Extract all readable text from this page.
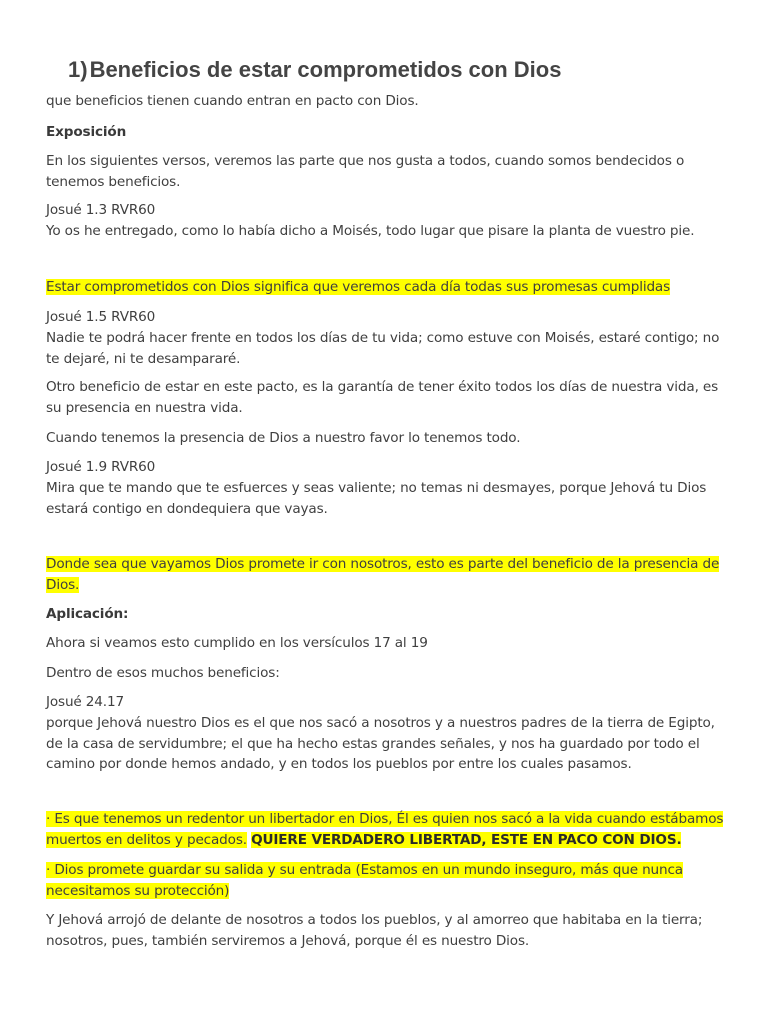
1)Beneficios de estar comprometidos con Dios

que beneficios tienen cuando entran en pacto con Dios.

Exposición

En los siguientes versos, veremos las parte que nos gusta a todos, cuando somos bendecidos o tenemos beneficios.

Josué 1.3 RVR60
Yo os he entregado, como lo había dicho a Moisés, todo lugar que pisare la planta de vuestro pie.

Estar comprometidos con Dios significa que veremos cada día todas sus promesas cumplidas

Josué 1.5 RVR60
Nadie te podrá hacer frente en todos los días de tu vida; como estuve con Moisés, estaré contigo; no te dejaré, ni te desampararé.

Otro beneficio de estar en este pacto, es la garantía de tener éxito todos los días de nuestra vida, es su presencia en nuestra vida.

Cuando tenemos la presencia de Dios a nuestro favor lo tenemos todo.

Josué 1.9 RVR60
Mira que te mando que te esfuerces y seas valiente; no temas ni desmayes, porque Jehová tu Dios estará contigo en dondequiera que vayas.

Donde sea que vayamos Dios promete ir con nosotros, esto es parte del beneficio de la presencia de Dios.

Aplicación:

Ahora si veamos esto cumplido en los versículos 17 al 19

Dentro de esos muchos beneficios:

Josué 24.17
porque Jehová nuestro Dios es el que nos sacó a nosotros y a nuestros padres de la tierra de Egipto, de la casa de servidumbre; el que ha hecho estas grandes señales, y nos ha guardado por todo el camino por donde hemos andado, y en todos los pueblos por entre los cuales pasamos.

· Es que tenemos un redentor un libertador en Dios, Él es quien nos sacó a la vida cuando estábamos muertos en delitos y pecados. QUIERE VERDADERO LIBERTAD, ESTE EN PACO CON DIOS.

· Dios promete guardar su salida y su entrada (Estamos en un mundo inseguro, más que nunca necesitamos su protección)

Y Jehová arrojó de delante de nosotros a todos los pueblos, y al amorreo que habitaba en la tierra; nosotros, pues, también serviremos a Jehová, porque él es nuestro Dios.
